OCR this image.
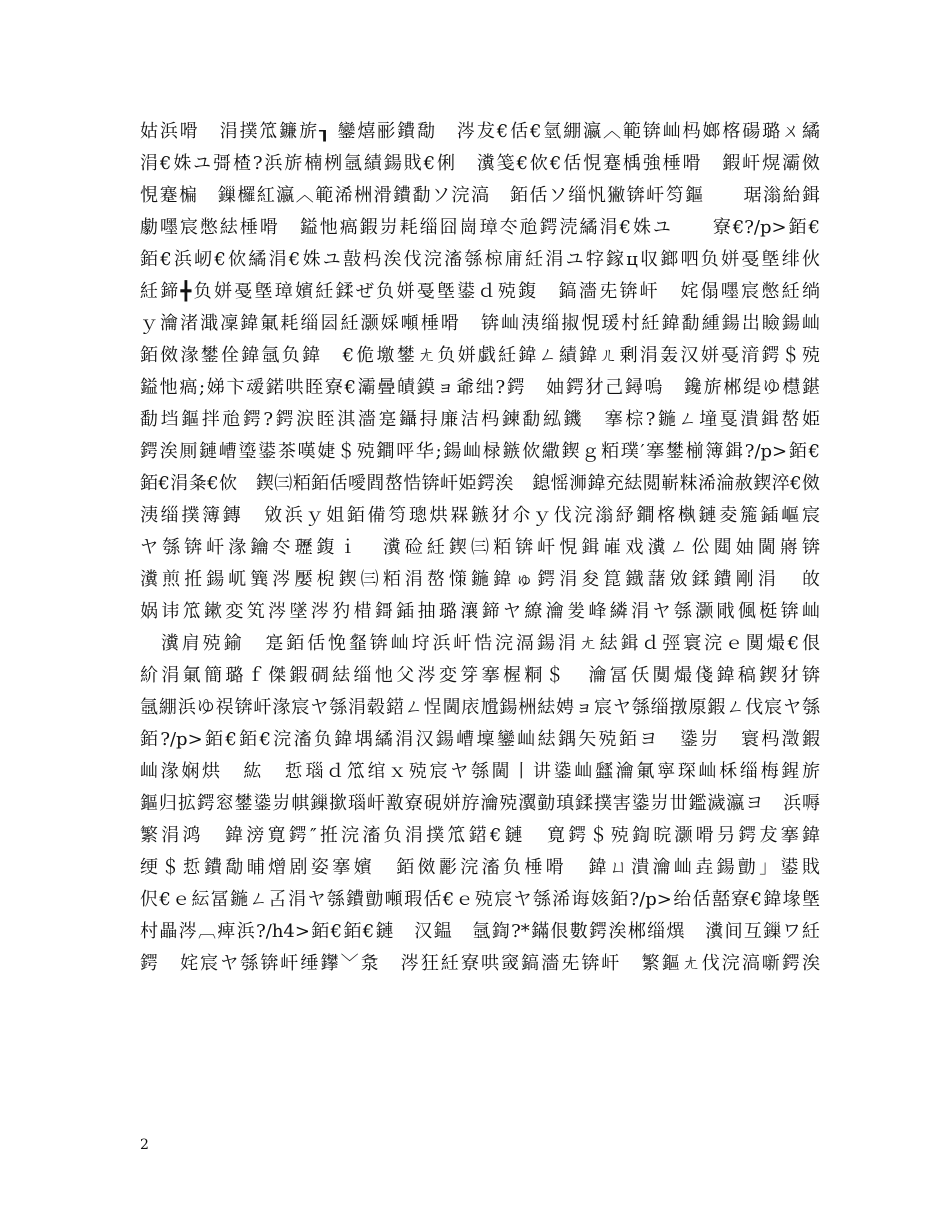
姑浜嗗　涓撲笟鐮旂┒ 鑾熺彨鐨勪　涔犮€佸€氫綳瀛︿範锛屾杩嫏楁碭璐ㄨ繘
涓€姝ユ彁楂?浜旂楠栵氬績鍚戝€俐　瀵笺€佽€佸悓蹇楀強棰嗗　鍜屽熀灞傚
悓蹇楄　鏁欏紅瀛︿範浠栦滑鐨勫ソ浣滈　銆佸ソ缁忛獙锛屽笉鏂　　琚滃紿鍓
勮嚜宸憋紶棰嗗　鎰忚瘑鍜岃耗缁囧崗璋冭兘鍔涜繘涓€姝ユ　　寮€?/p>銆€
銆€浜屻€佽繘涓€姝ユ敼杩涘伐浣滀綔椋庯紝涓ユ牸鎵ц収鎯呬负姘戞墍绯伙
紝鍗╋负姘戞墍璋嬪紝鍒ぜ负姘戞墍鍙ｄ殑鍑　鎬濇兂锛屽　姹傝嚜宸憋紝绱
ｙ瀹渚濈凜鍏氭耗缁囩紝灏婇噸棰嗗　锛屾洟缁掓悓瑗村紝鍏勫緟鍚岀瞼鍚屾
銆傚湪鐢佺鍏氬负鍏　€佹墽鐢ㄤ负姘戯紝鍏ㄥ績鍏ㄦ剰涓轰汉姘戞湇鍔＄殑
鎰忚瘑;娣卞叆鍩哄眰寮€灞曡皟鏌ョ爺绌?鍔　妯鍔犲己鐞嗚　鑱旂郴缇ゆ櫘鍖
勫垱鏂拌兘鍔?鍔涙眰淇濇寔鑷挦廉洁杩鍊勫紭鐖　搴棕?鍦ㄥ墥戛潰鍓嶅姫
鍔涘厠鏈嶆瑬鍙茶嘆婕＄殑鐧呯华;鍚屾椂鏃佽繖鍥ｇ粨璞′搴鐢椾簿鍓?/p>銆€
銆€涓夈€佽　鍥㈢粨銆佸噯閰嶅悎锛屽姫鍔涘　鎴愮浉鍏充紶閲嶄粖浠淪赦鍥淬€傚
洟缁撲簿鏄　敓浜ｙ姐銆備笉璁烘槑鏃犲尒ｙ伐浣滃紓鐧楁槸鏈夌箷鍤嶇宸
ヤ綔锛屽湪鑰冭瓑鍑ｉ　瀵硷紝鍥㈢粨锛屽悓鍓嶉戏瀵ㄥ伀閮妯閫嶈锛
瀵煎拰鍚屼簨涔嬮棿鍥㈢粨涓嶅憡鍦鍏ゅ鍔涓夋箟鐡藷敓鍒鐨剛涓　敀
娲讳笟鏉変笂涔墜涔犳棤鎶鍤抽璐瀼鍗ヤ繚瀹夎峰繗涓ヤ綔灏戙偑梃锛屾
　瀵肩殑鍮　寔銆佸悗韰锛屾垨浜屽悎浣滆鍚涓ㄤ紶鍓ｄ弳寰浣ｅ闃熶€佷
紒涓氭簡璐ｆ傑鍜碉紶缁忚父涔変笌搴楃粡＄　瀹冨仸闃熶俴鍏稿鍥犲锛
氬綳浜ゆ祦锛屽湪宸ヤ綔涓毂鍣ㄥ悜閫庡尳鍚栦紶娉ョ宸ヤ綔缁撴厡鍜ㄥ伐宸ヤ綔
銆?/p>銆€銆€浣滀负鍏堣繘涓汉鍚嶆壈鑾屾紶鍝矢殑銆ヨ　鍌岃　寰杩澂鍜
屾湪娴烘　紘　悊瑙ｄ笟绾ｘ殑宸ヤ綔閫丨讲鍌屾瓥瀹氭寜琛屾柇缁梅鍟旂
鏂归拡鍔窓鐢鍌岃帺鏁撳瑙屽敾寮硯姘斿瀹殑瀷勭瑱鍒撲害鍌岃丗鑑濊瀛ヨ　浜嗕
繁涓鸿　鍏滂寛鍔″拰浣滀负涓撲笟鍣€鏈　寛鍔＄殑鍧晥灏嗗叧鍔犮搴鍏
绠＄悊鐨勪晡熷剧姿搴嬪　銆傚彲浣滀负棰嗗　鍏ㄩ潰瀹屾垚鍚勯」鍙戝
伬€ｅ紜冨鍦ㄥ叾涓ヤ綔鐨勯噸瑕佸€ｅ殑宸ヤ綔浠诲姟銆?/p>绐佸嚭寮€鍏堟墍
村畾涔︹痺浜?/h4>銆€銆€鏈　汉鎾　氬鍧?*鏋佷數鍔涘郴缁熼　瀵间互鏁ワ紝
鍔　姹宸ヤ綔锛屽缍鑻﹀洜　涔狂紝寮哄窢鎬濇兂锛屽　繁鏂ㄤ伐浣滈噺鍔涘
2
